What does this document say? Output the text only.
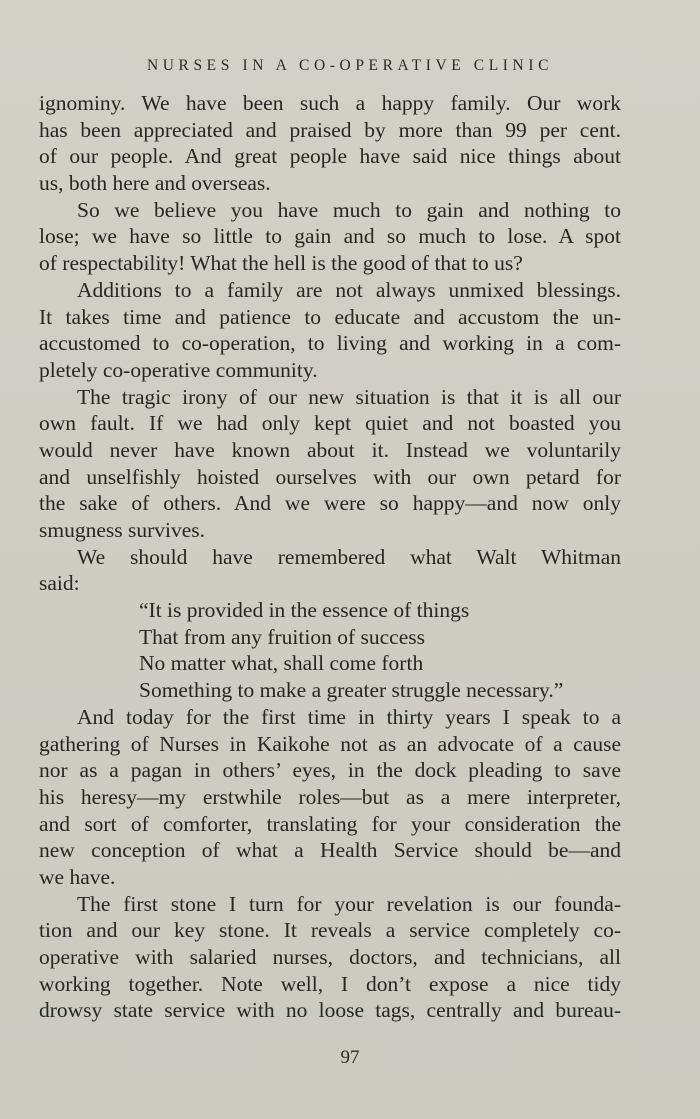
NURSES IN A CO‑OPERATIVE CLINIC
ignominy. We have been such a happy family. Our work
has been appreciated and praised by more than 99 per cent.
of our people. And great people have said nice things about
us, both here and overseas.
So we believe you have much to gain and nothing to
lose; we have so little to gain and so much to lose. A spot
of respectability! What the hell is the good of that to us?
Additions to a family are not always unmixed blessings.
It takes time and patience to educate and accustom the un‑
accustomed to co‑operation, to living and working in a com‑
pletely co‑operative community.
The tragic irony of our new situation is that it is all our
own fault. If we had only kept quiet and not boasted you
would never have known about it. Instead we voluntarily
and unselfishly hoisted ourselves with our own petard for
the sake of others. And we were so happy—and now only
smugness survives.
We should have remembered what Walt Whitman
said:
“It is provided in the essence of things
That from any fruition of success
No matter what, shall come forth
Something to make a greater struggle necessary.”
And today for the first time in thirty years I speak to a
gathering of Nurses in Kaikohe not as an advocate of a cause
nor as a pagan in others’ eyes, in the dock pleading to save
his heresy—my erstwhile roles—but as a mere interpreter,
and sort of comforter, translating for your consideration the
new conception of what a Health Service should be—and
we have.
The first stone I turn for your revelation is our founda‑
tion and our key stone. It reveals a service completely co‑
operative with salaried nurses, doctors, and technicians, all
working together. Note well, I don’t expose a nice tidy
drowsy state service with no loose tags, centrally and bureau‑
97
